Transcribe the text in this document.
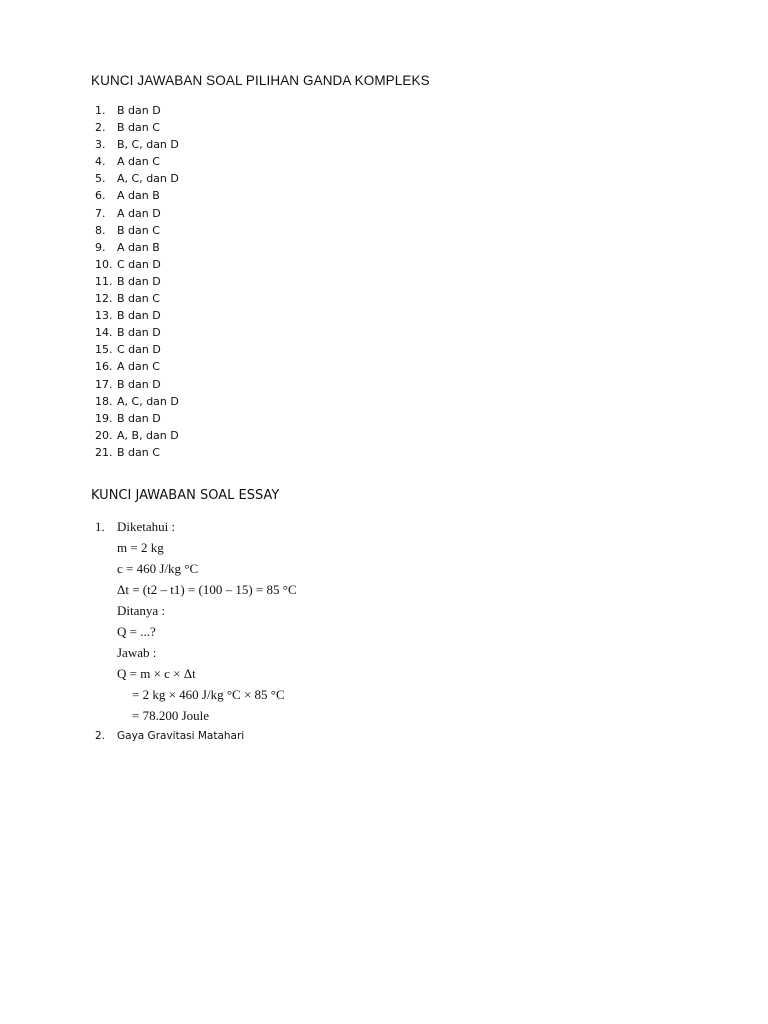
KUNCI JAWABAN SOAL PILIHAN GANDA KOMPLEKS
1. B dan D
2. B dan C
3. B, C, dan D
4. A dan C
5. A, C, dan D
6. A dan B
7. A dan D
8. B dan C
9. A dan B
10. C dan D
11. B dan D
12. B dan C
13. B dan D
14. B dan D
15. C dan D
16. A dan C
17. B dan D
18. A, C, dan D
19. B dan D
20. A, B, dan D
21. B dan C
KUNCI JAWABAN SOAL ESSAY
1. Diketahui :
m = 2 kg
c = 460 J/kg °C
Δt = (t2 – t1) = (100 – 15) = 85 °C
Ditanya :
Q = ...?
Jawab :
Q = m × c × Δt
= 2 kg × 460 J/kg °C × 85 °C
= 78.200 Joule
2. Gaya Gravitasi Matahari
